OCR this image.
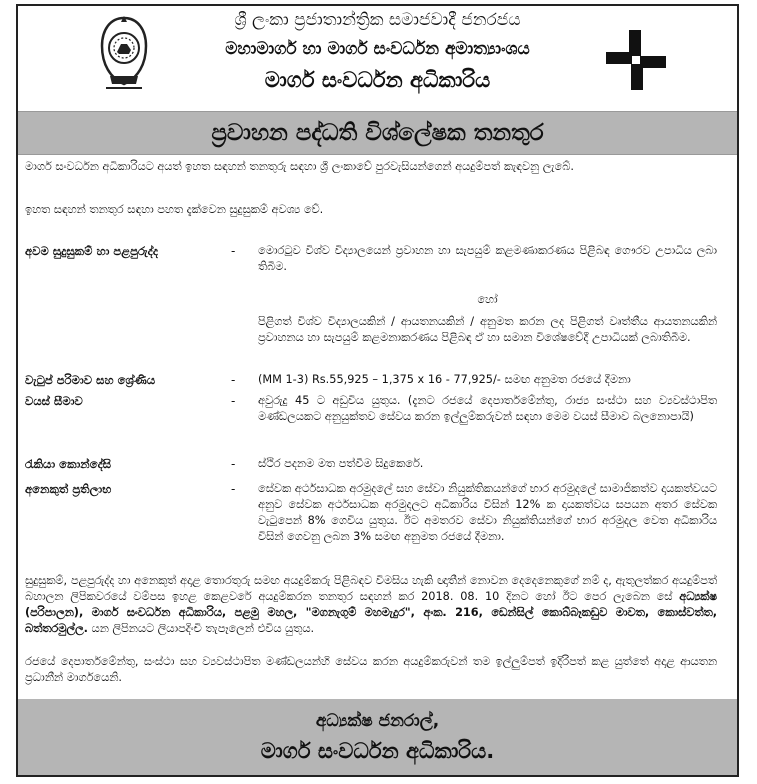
ශ්‍රී ලංකා ප්‍රජාතාන්ත්‍රික සමාජවාදී ජනරජය
මහාමාර්ග හා මාර්ග සංවර්ධන අමාත්‍යාංශය
මාර්ග සංවර්ධන අධිකාරිය
ප්‍රවාහන පද්ධති විශ්ලේෂක තනතුර
මාර්ග සංවර්ධන අධිකාරියට අයත් ඉහත සඳහන් තනතුරු සඳහා ශ්‍රී ලංකාවේ පුරවැසියන්ගෙන් අයදුම්පත් කැඳවනු ලැබේ.
ඉහත සඳහන් තනතුර සඳහා පහත දැක්වෙන සුදුසුකම් අවශ්‍ය වේ.
අවම සුදුසුකම් හා පළපුරුද්ද	- මොරටුව විශ්ව විද්‍යාලයෙන් ප්‍රවාහන හා සැපයුම් කළමණාකරණය පිළිබඳ ගෞරව උපාධිය ලබා තිබීම.
හෝ
පිළිගත් විශ්ව විද්‍යාලයකින් / ආයතනයකින් / අනුමත කරන ලද පිළිගත් වෘත්තීය ආයතනයකින් ප්‍රවාහනය හා සැපයුම් කළමනාකරණය පිළිබඳ ඒ හා සමාන විශේෂවේදී උපාධියක් ලබාතිබීම.
වැටුප් පරිමාව සහ ශ්‍රේණිය	- (MM 1-3) Rs.55,925 – 1,375 x 16 - 77,925/- සමඟ අනුමත රජයේ දීමනා
වයස් සීමාව	- අවුරුදු 45 ට අඩුවිය යුතුය. (දැනට රජයේ දෙපාර්තමේන්තු, රාජ්‍ය සංස්ථා සහ ව්‍යවස්ථාපිත මණ්ඩලයකට අනුයුක්තව සේවය කරන ඉල්ලුම්කරුවන් සඳහා මෙම වයස් සීමාව බලනොපායි)
රැකියා කොන්දේසි	- ස්ථිර පදනම මත පත්වීම සිදුකෙරේ.
අනෙකුත් ප්‍රතිලාභ	- සේවක අර්ථසාධක අරමුදලේ සහ සේවා නියුක්තිකයන්ගේ භාර අරමුදලේ සාමාජිකත්ව දායකත්වයට අනුව සේවක අර්ථසාධක අරමුදලට අධිකාරිය විසින් 12% ක දායකත්වය සපයන අතර සේවක වැටුපෙන් 8% ගෙවිය යුතුය. ඊට අමතරව සේවා නියුක්තියන්ගේ භාර අරමුදල වෙත අධිකාරිය විසින් ගෙවනු ලබන 3% සමඟ අනුමත රජයේ දීමනා.
සුදුසුකම්, පළපුරුද්ද හා අනෙකුත් අදාළ තොරතුරු සමඟ අයදුම්කරු පිළිබඳව විමසිය හැකි ඥාතීන් නොවන දෙදෙනෙකුගේ නම් ද, ඇතුලත්කර අයදුම්පත් බහාලන ලිපිකවරයේ වම්පස ඉහළ කෙළවරේ අයදුම්කරන තනතුර සඳහන් කර 2018. 08. 10 දිනට හෝ ඊට පෙර ලැබෙන සේ අධ්‍යක්ෂ (පරිපාලන), මාර්ග සංවර්ධන අධිකාරිය, පළමු මහල, "මගනැගුම් මහමැදුර", අංක. 216, ඩෙන්සිල් කොබ්බෑකඩුව මාවත, කොස්වත්ත, බත්තරමුල්ල. යන ලිපිනයට ලියාපදිංචි තැපෑලෙන් එවිය යුතුය.
රජයේ දෙපාර්තමේන්තු, සංස්ථා සහ ව්‍යවස්ථාපිත මණ්ඩලයන්හි සේවය කරන අයදුම්කරුවන් තම ඉල්ලුම්පත් ඉදිරිපත් කළ යුත්තේ අදාළ ආයතන ප්‍රධානීන් මාර්ගයෙනි.
අධ්‍යක්ෂ ජනරාල්,
මාර්ග සංවර්ධන අධිකාරිය.
